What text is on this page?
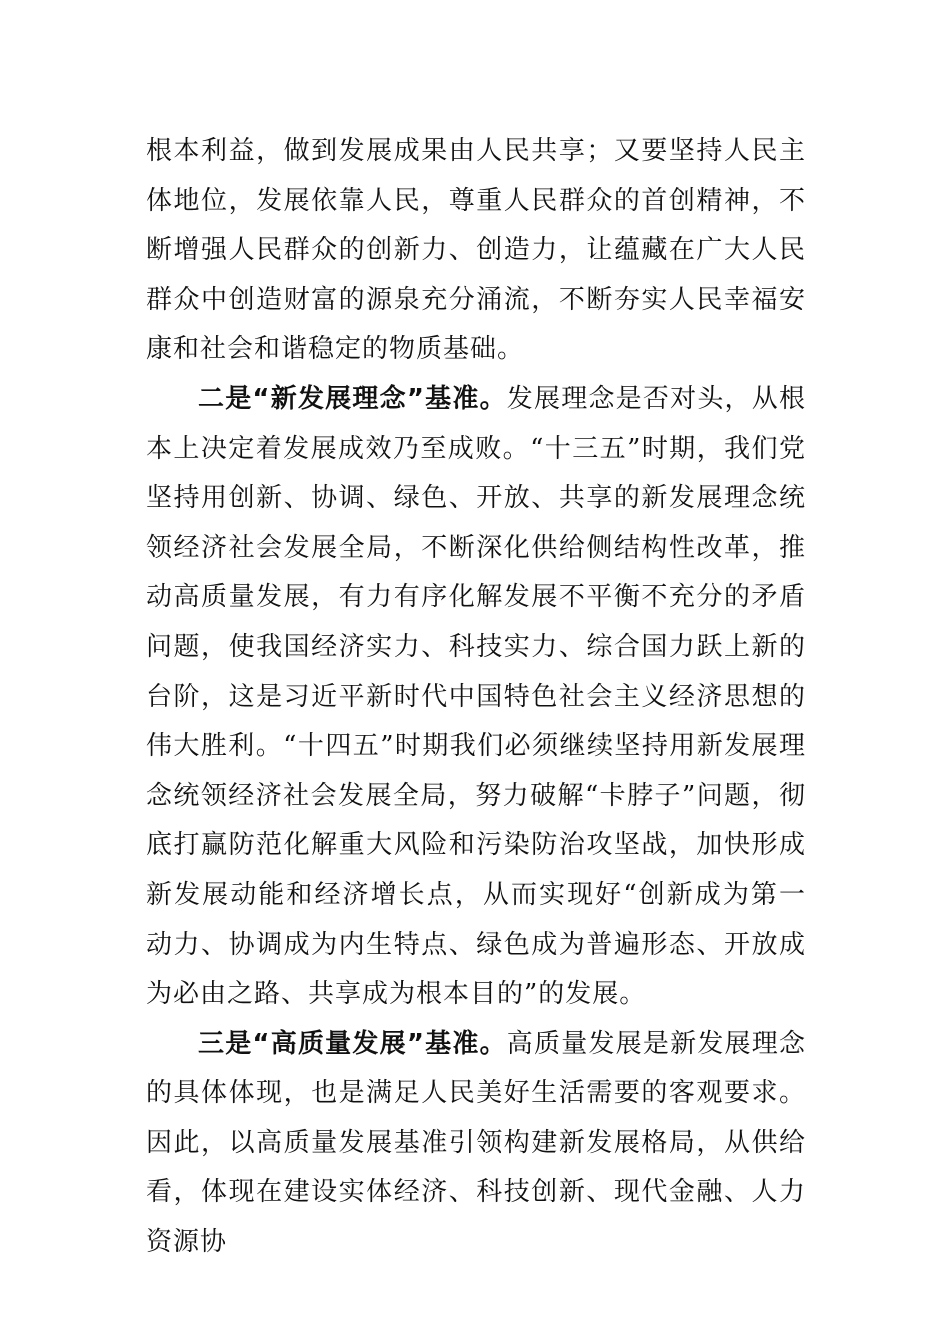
根本利益，做到发展成果由人民共享；又要坚持人民主体地位，发展依靠人民，尊重人民群众的首创精神，不断增强人民群众的创新力、创造力，让蕴藏在广大人民群众中创造财富的源泉充分涌流，不断夯实人民幸福安康和社会和谐稳定的物质基础。

二是“新发展理念”基准。发展理念是否对头，从根本上决定着发展成效乃至成败。“十三五”时期，我们党坚持用创新、协调、绿色、开放、共享的新发展理念统领经济社会发展全局，不断深化供给侧结构性改革，推动高质量发展，有力有序化解发展不平衡不充分的矛盾问题，使我国经济实力、科技实力、综合国力跃上新的台阶，这是习近平新时代中国特色社会主义经济思想的伟大胜利。“十四五”时期我们必须继续坚持用新发展理念统领经济社会发展全局，努力破解“卡脖子”问题，彻底打赢防范化解重大风险和污染防治攻坚战，加快形成新发展动能和经济增长点，从而实现好“创新成为第一动力、协调成为内生特点、绿色成为普遍形态、开放成为必由之路、共享成为根本目的”的发展。

三是“高质量发展”基准。高质量发展是新发展理念的具体体现，也是满足人民美好生活需要的客观要求。因此，以高质量发展基准引领构建新发展格局，从供给看，体现在建设实体经济、科技创新、现代金融、人力资源协
